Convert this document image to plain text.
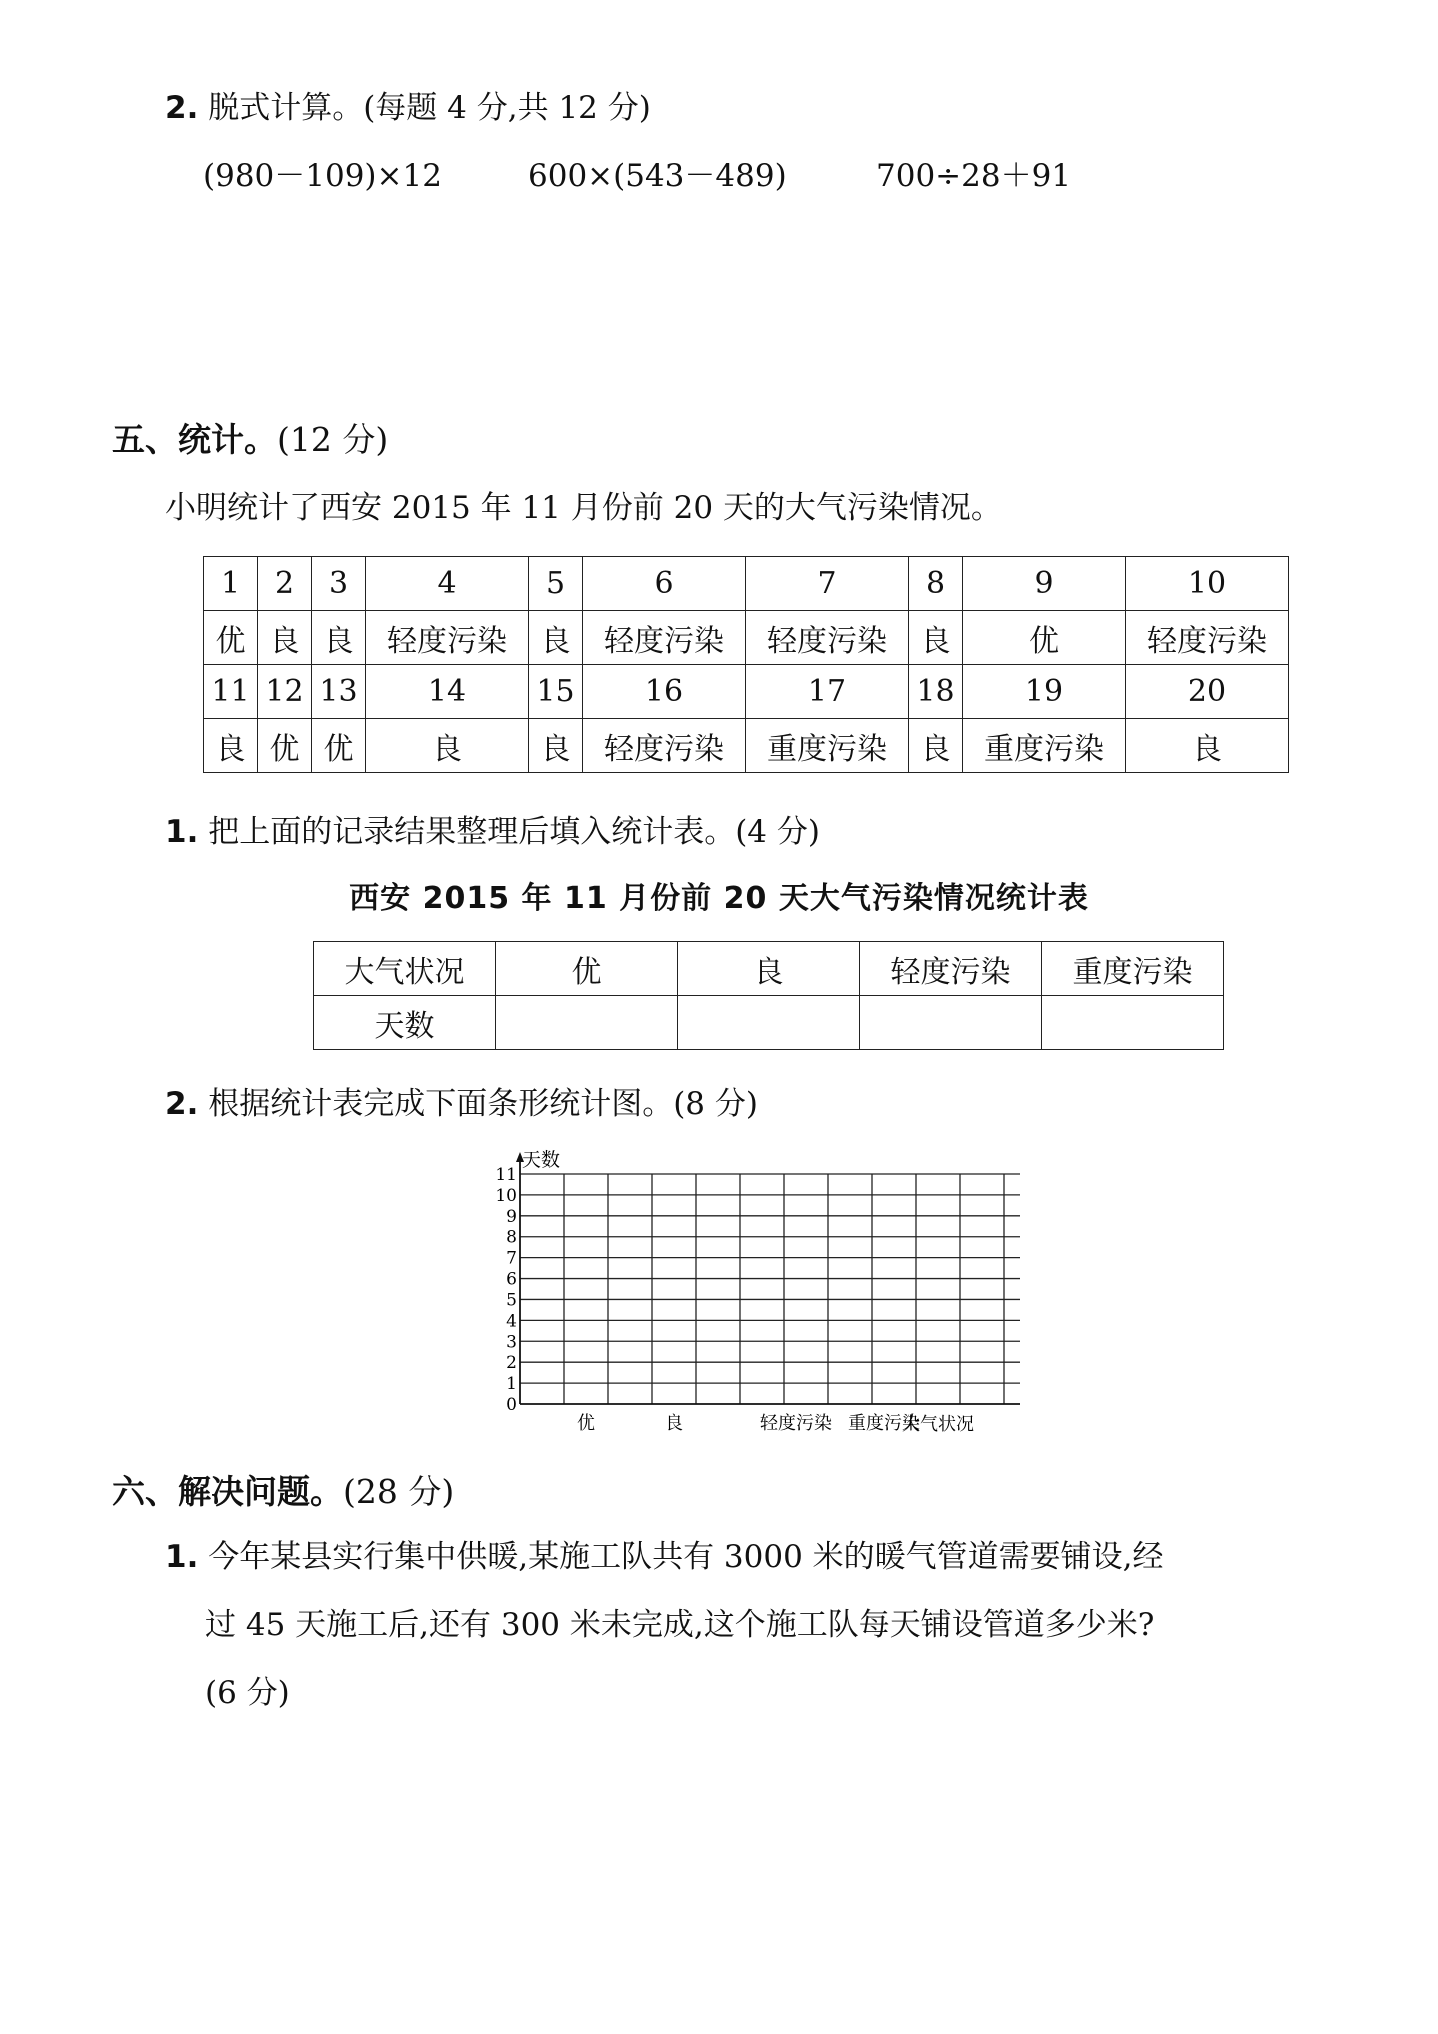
2. 脱式计算。(每题 4 分,共 12 分)
(980－109)×12	600×(543－489)	700÷28＋91
五、统计。(12 分)
小明统计了西安 2015 年 11 月份前 20 天的大气污染情况。
1	2	3	4	5	6	7	8	9	10
优	良	良	轻度污染	良	轻度污染	轻度污染	良	优	轻度污染
11	12	13	14	15	16	17	18	19	20
良	优	优	良	良	轻度污染	重度污染	良	重度污染	良
1. 把上面的记录结果整理后填入统计表。(4 分)
西安 2015 年 11 月份前 20 天大气污染情况统计表
大气状况	优	良	轻度污染	重度污染
天数				
2. 根据统计表完成下面条形统计图。(8 分)
0
1
2
3
4
5
6
7
8
9
10
11
优	良	轻度污染 重度污染
天数
大气状况
六、解决问题。(28 分)
1. 今年某县实行集中供暖,某施工队共有 3000 米的暖气管道需要铺设,经
过 45 天施工后,还有 300 米未完成,这个施工队每天铺设管道多少米?
(6 分)
